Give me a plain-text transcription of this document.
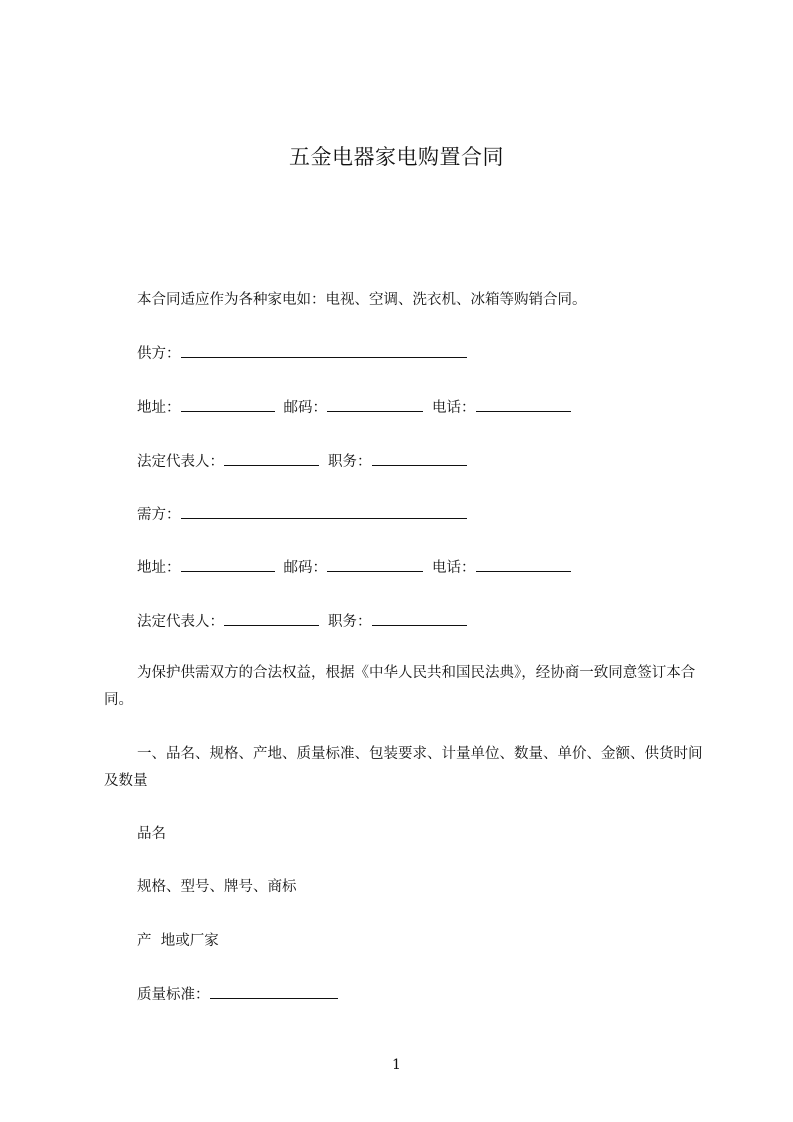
五金电器家电购置合同
本合同适应作为各种家电如：电视、空调、洗衣机、冰箱等购销合同。
供方：
地址：	邮码：	电话：
法定代表人：	职务：
需方：
地址：	邮码：	电话：
法定代表人：	职务：
为保护供需双方的合法权益，根据《中华人民共和国民法典》，经协商一致同意签订本合同。
一、品名、规格、产地、质量标准、包装要求、计量单位、数量、单价、金额、供货时间及数量
品名
规格、型号、牌号、商标
产  地或厂家
质量标准：
1
